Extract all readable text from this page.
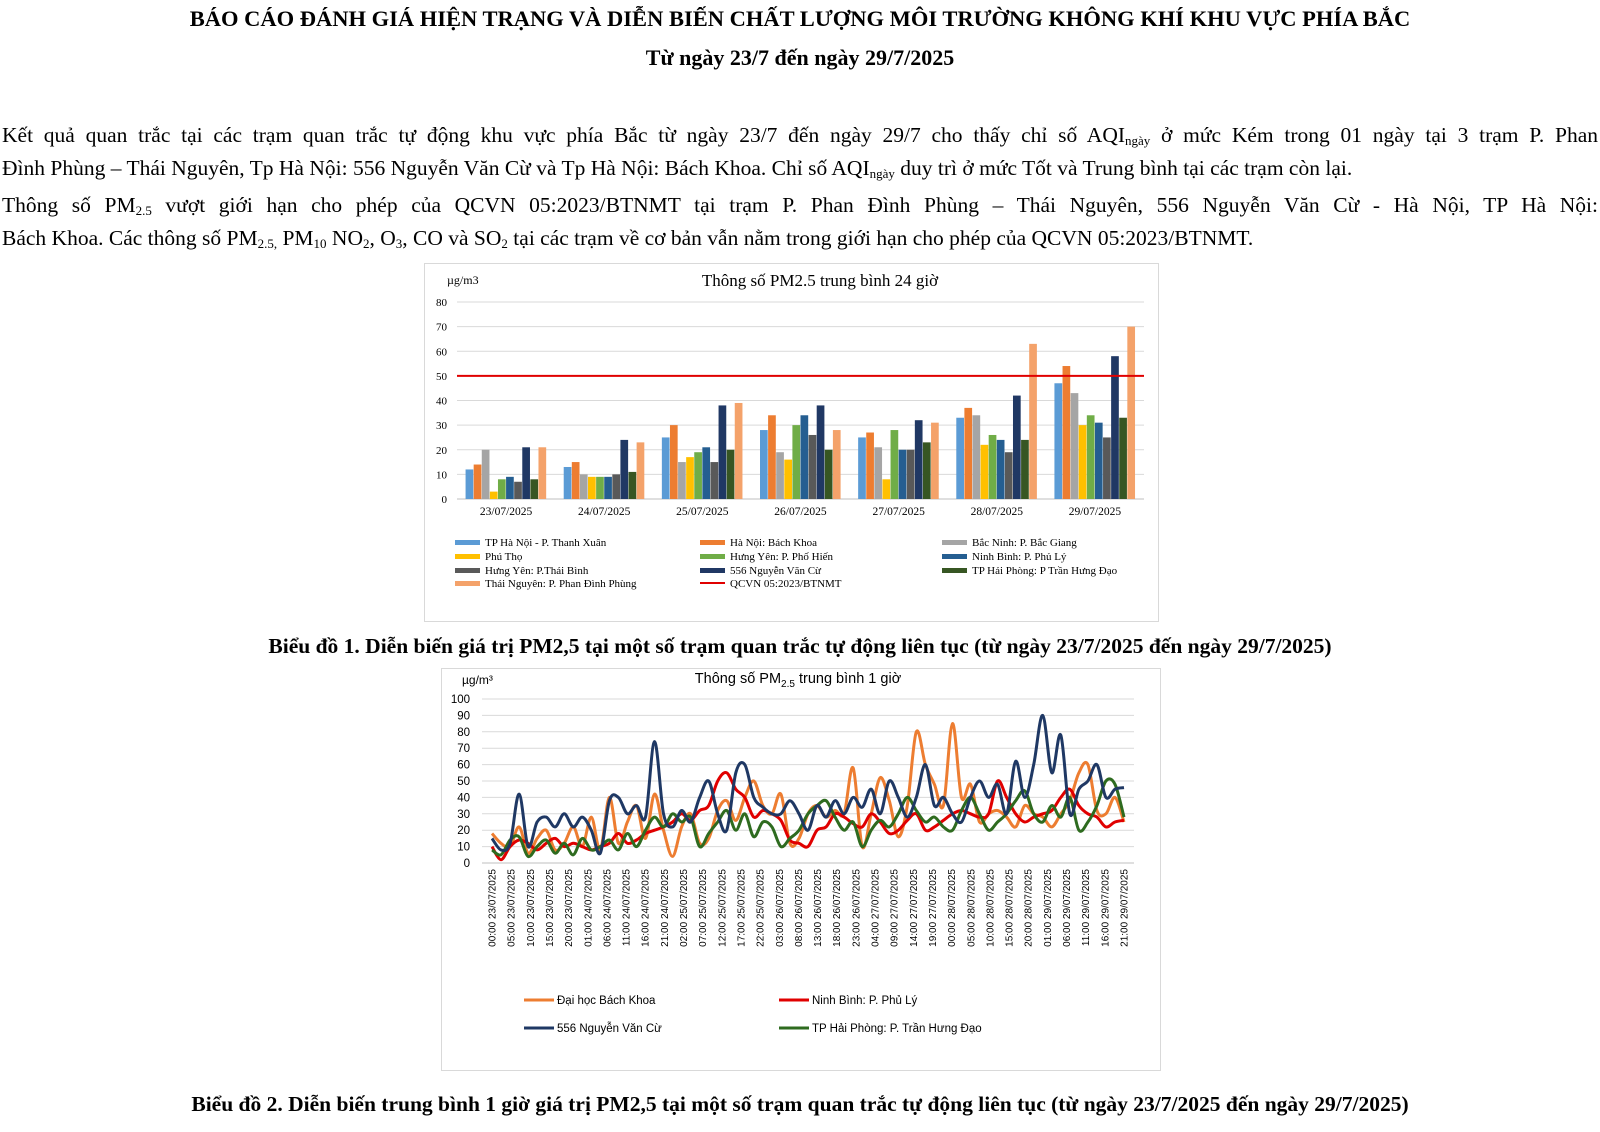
BÁO CÁO ĐÁNH GIÁ HIỆN TRẠNG VÀ DIỄN BIẾN CHẤT LƯỢNG MÔI TRƯỜNG KHÔNG KHÍ KHU VỰC PHÍA BẮC
Từ ngày 23/7 đến ngày 29/7/2025
Kết quả quan trắc tại các trạm quan trắc tự động khu vực phía Bắc từ ngày 23/7 đến ngày 29/7 cho thấy chỉ số $AQI_{ngày}$ ở mức Kém trong 01 ngày tại 3 trạm P. Phan
Đình Phùng – Thái Nguyên, Tp Hà Nội: 556 Nguyễn Văn Cừ và Tp Hà Nội: Bách Khoa. Chỉ số $AQI_{ngày}$ duy trì ở mức Tốt và Trung bình tại các trạm còn lại.
Thông số $PM_{2.5}$ vượt giới hạn cho phép của QCVN 05:2023/BTNMT tại trạm P. Phan Đình Phùng – Thái Nguyên, 556 Nguyễn Văn Cừ - Hà Nội, TP Hà Nội:
Bách Khoa. Các thông số $PM_{2.5,}$ $PM_{10}$ $NO_2$, $O_3$, CO và $SO_2$ tại các trạm về cơ bản vẫn nằm trong giới hạn cho phép của QCVN 05:2023/BTNMT.
µg/m3	Thông số PM2.5 trung bình 24 giờ
0
10
20
30
40
50
60
70
80
23/07/2025	24/07/2025	25/07/2025	26/07/2025	27/07/2025	28/07/2025	29/07/2025
TP Hà Nội - P. Thanh Xuân	Hà Nội: Bách Khoa	Bắc Ninh: P. Bắc Giang
Phú Thọ	Hưng Yên: P. Phố Hiến	Ninh Bình: P. Phủ Lý
Hưng Yên: P.Thái Bình	556 Nguyễn Văn Cừ	TP Hải Phòng: P Trần Hưng Đạo
Thái Nguyên: P. Phan Đình Phùng	QCVN 05:2023/BTNMT
Biểu đồ 1. Diễn biến giá trị PM2,5 tại một số trạm quan trắc tự động liên tục (từ ngày 23/7/2025 đến ngày 29/7/2025)
µg/m³	Thông số $PM_{2.5}$ trung bình 1 giờ
0
10
20
30
40
50
60
70
80
90
100
00:00 23/07/2025 05:00 23/07/2025 10:00 23/07/2025 15:00 23/07/2025 20:00 23/07/2025 01:00 24/07/2025 06:00 24/07/2025 11:00 24/07/2025 16:00 24/07/2025 21:00 24/07/2025 02:00 25/07/2025 07:00 25/07/2025 12:00 25/07/2025 17:00 25/07/2025 22:00 25/07/2025 03:00 26/07/2025 08:00 26/07/2025 13:00 26/07/2025 18:00 26/07/2025 23:00 26/07/2025 04:00 27/07/2025 09:00 27/07/2025 14:00 27/07/2025 19:00 27/07/2025 00:00 28/07/2025 05:00 28/07/2025 10:00 28/07/2025 15:00 28/07/2025 20:00 28/07/2025 01:00 29/07/2025 06:00 29/07/2025 11:00 29/07/2025 16:00 29/07/2025 21:00 29/07/2025
Đại học Bách Khoa	Ninh Bình: P. Phủ Lý
556 Nguyễn Văn Cừ	TP Hải Phòng: P. Trần Hưng Đạo
Biểu đồ 2. Diễn biến trung bình 1 giờ giá trị PM2,5 tại một số trạm quan trắc tự động liên tục (từ ngày 23/7/2025 đến ngày 29/7/2025)
